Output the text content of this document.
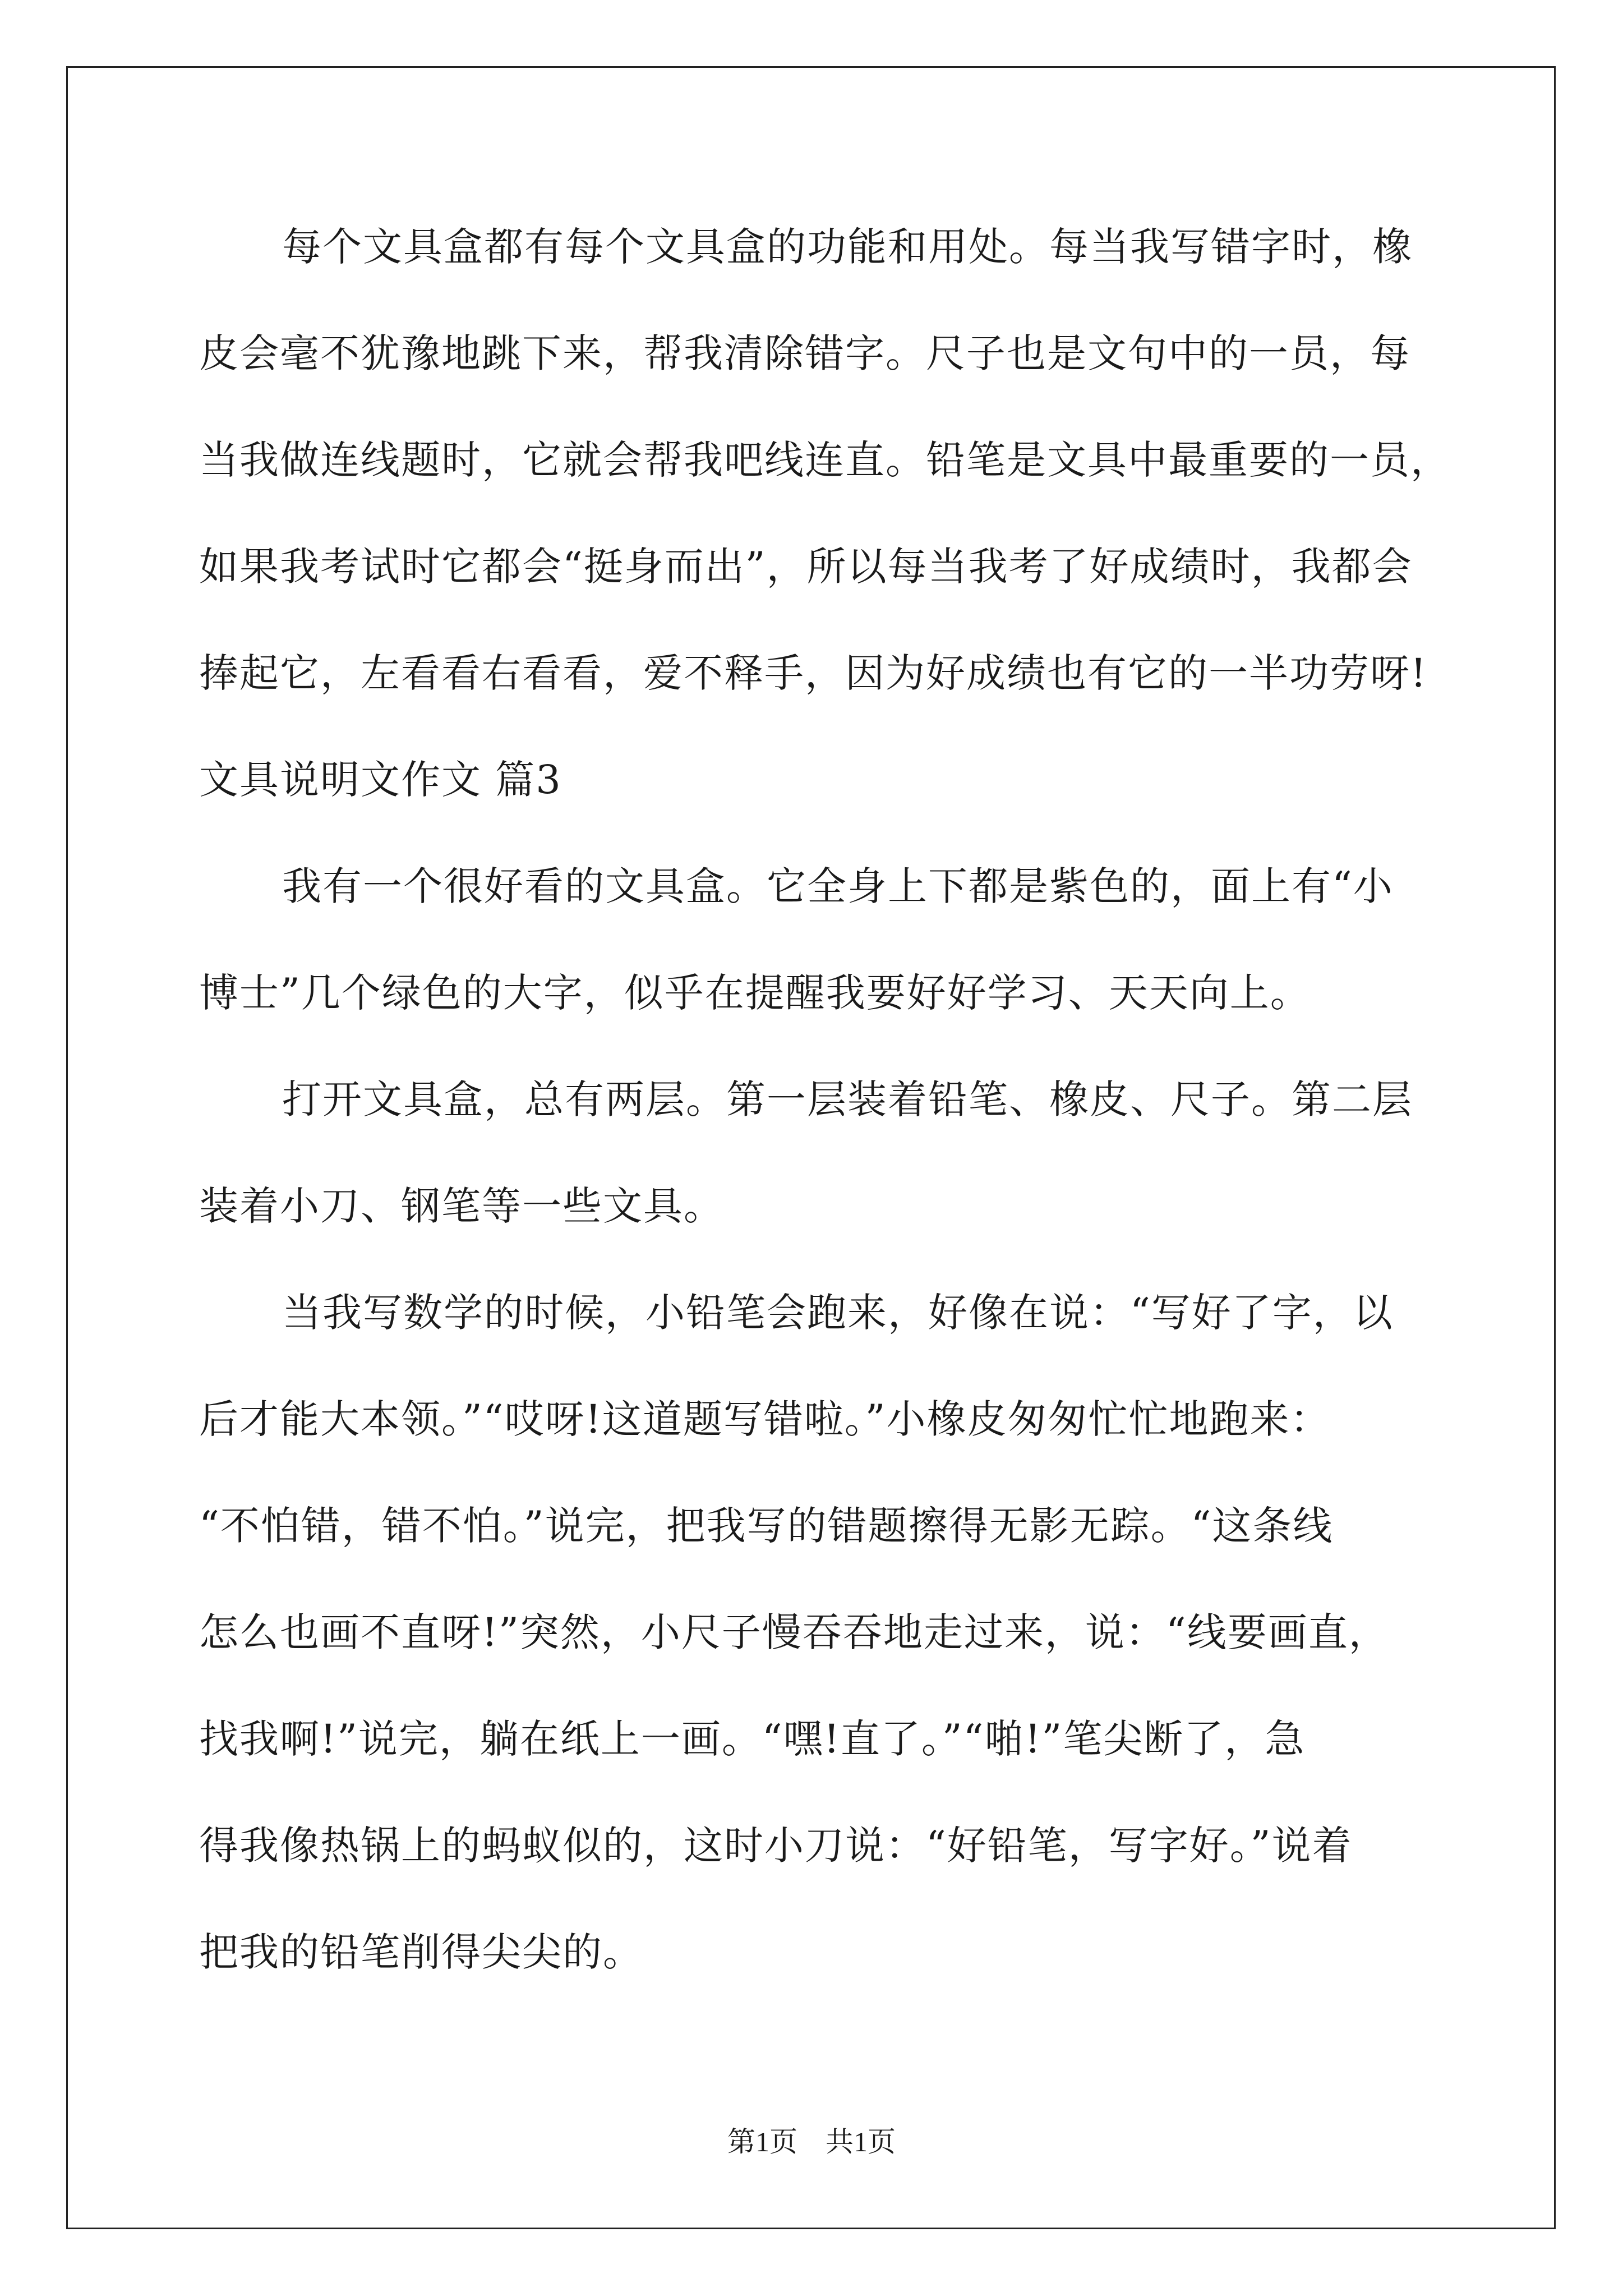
每个文具盒都有每个文具盒的功能和用处。每当我写错字时，橡
皮会毫不犹豫地跳下来，帮我清除错字。尺子也是文句中的一员，每
当我做连线题时，它就会帮我吧线连直。铅笔是文具中最重要的一员，
如果我考试时它都会“挺身而出”，所以每当我考了好成绩时，我都会
捧起它，左看看右看看，爱不释手，因为好成绩也有它的一半功劳呀!
文具说明文作文 篇3
我有一个很好看的文具盒。它全身上下都是紫色的，面上有“小
博士”几个绿色的大字，似乎在提醒我要好好学习、天天向上。
打开文具盒，总有两层。第一层装着铅笔、橡皮、尺子。第二层
装着小刀、钢笔等一些文具。
当我写数学的时候，小铅笔会跑来，好像在说：“写好了字，以
后才能大本领。”“哎呀!这道题写错啦。”小橡皮匆匆忙忙地跑来：
“不怕错，错不怕。”说完，把我写的错题擦得无影无踪。“这条线
怎么也画不直呀!”突然，小尺子慢吞吞地走过来，说：“线要画直，
找我啊!”说完，躺在纸上一画。“嘿!直了。”“啪!”笔尖断了，急
得我像热锅上的蚂蚁似的，这时小刀说：“好铅笔，写字好。”说着
把我的铅笔削得尖尖的。
第1页　共1页
